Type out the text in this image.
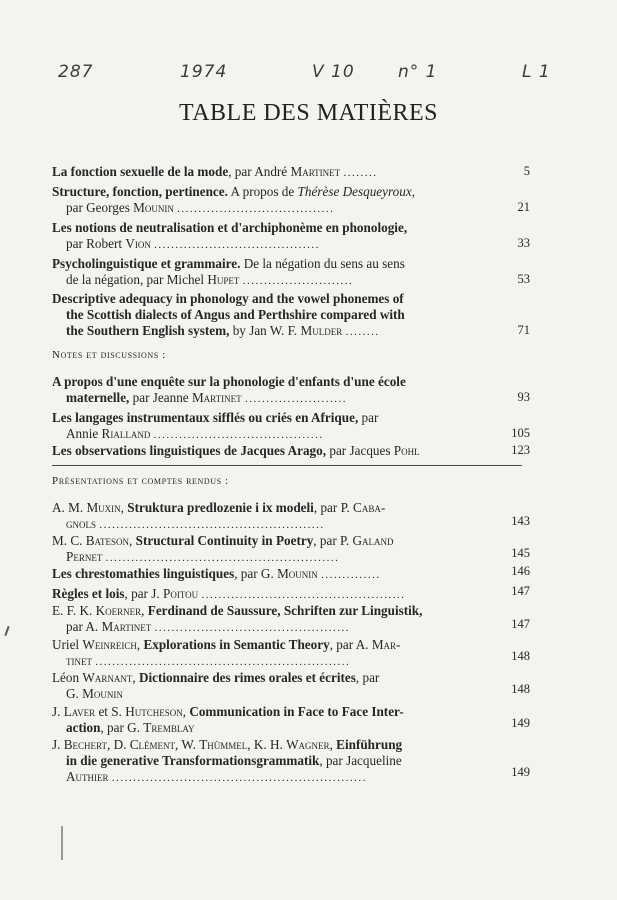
287	1974	V 10	n° 1	L 1
TABLE DES MATIÈRES
La fonction sexuelle de la mode, par André Martinet ........	5
Structure, fonction, pertinence. A propos de Thérèse Desqueyroux,
par Georges Mounin .....................................	21
Les notions de neutralisation et d'archiphonème en phonologie,
par Robert Vion .......................................	33
Psycholinguistique et grammaire. De la négation du sens au sens
de la négation, par Michel Hupet ..........................	53
Descriptive adequacy in phonology and the vowel phonemes of
the Scottish dialects of Angus and Perthshire compared with
the Southern English system, by Jan W. F. Mulder ........	71
Notes et discussions :
A propos d'une enquête sur la phonologie d'enfants d'une école
maternelle, par Jeanne Martinet ........................	93
Les langages instrumentaux sifflés ou criés en Afrique, par
Annie Rialland ........................................	105
Les observations linguistiques de Jacques Arago, par Jacques Pohl	123
Présentations et comptes rendus :
A. M. Muxin, Struktura predlozenie i ix modeli, par P. Caba-
gnols .....................................................	143
M. C. Bateson, Structural Continuity in Poetry, par P. Galand
Pernet .......................................................	145
Les chrestomathies linguistiques, par G. Mounin ..............	146
Règles et lois, par J. Poitou ................................................	147
E. F. K. Koerner, Ferdinand de Saussure, Schriften zur Linguistik,
par A. Martinet ..............................................	147
Uriel Weinreich, Explorations in Semantic Theory, par A. Mar-
tinet ............................................................	148
Léon Warnant, Dictionnaire des rimes orales et écrites, par
G. Mounin	148
J. Laver et S. Hutcheson, Communication in Face to Face Inter-
action, par G. Tremblay	149
J. Bechert, D. Clément, W. Thümmel, K. H. Wagner, Einführung
in die generative Transformationsgrammatik, par Jacqueline
Authier ............................................................	149
